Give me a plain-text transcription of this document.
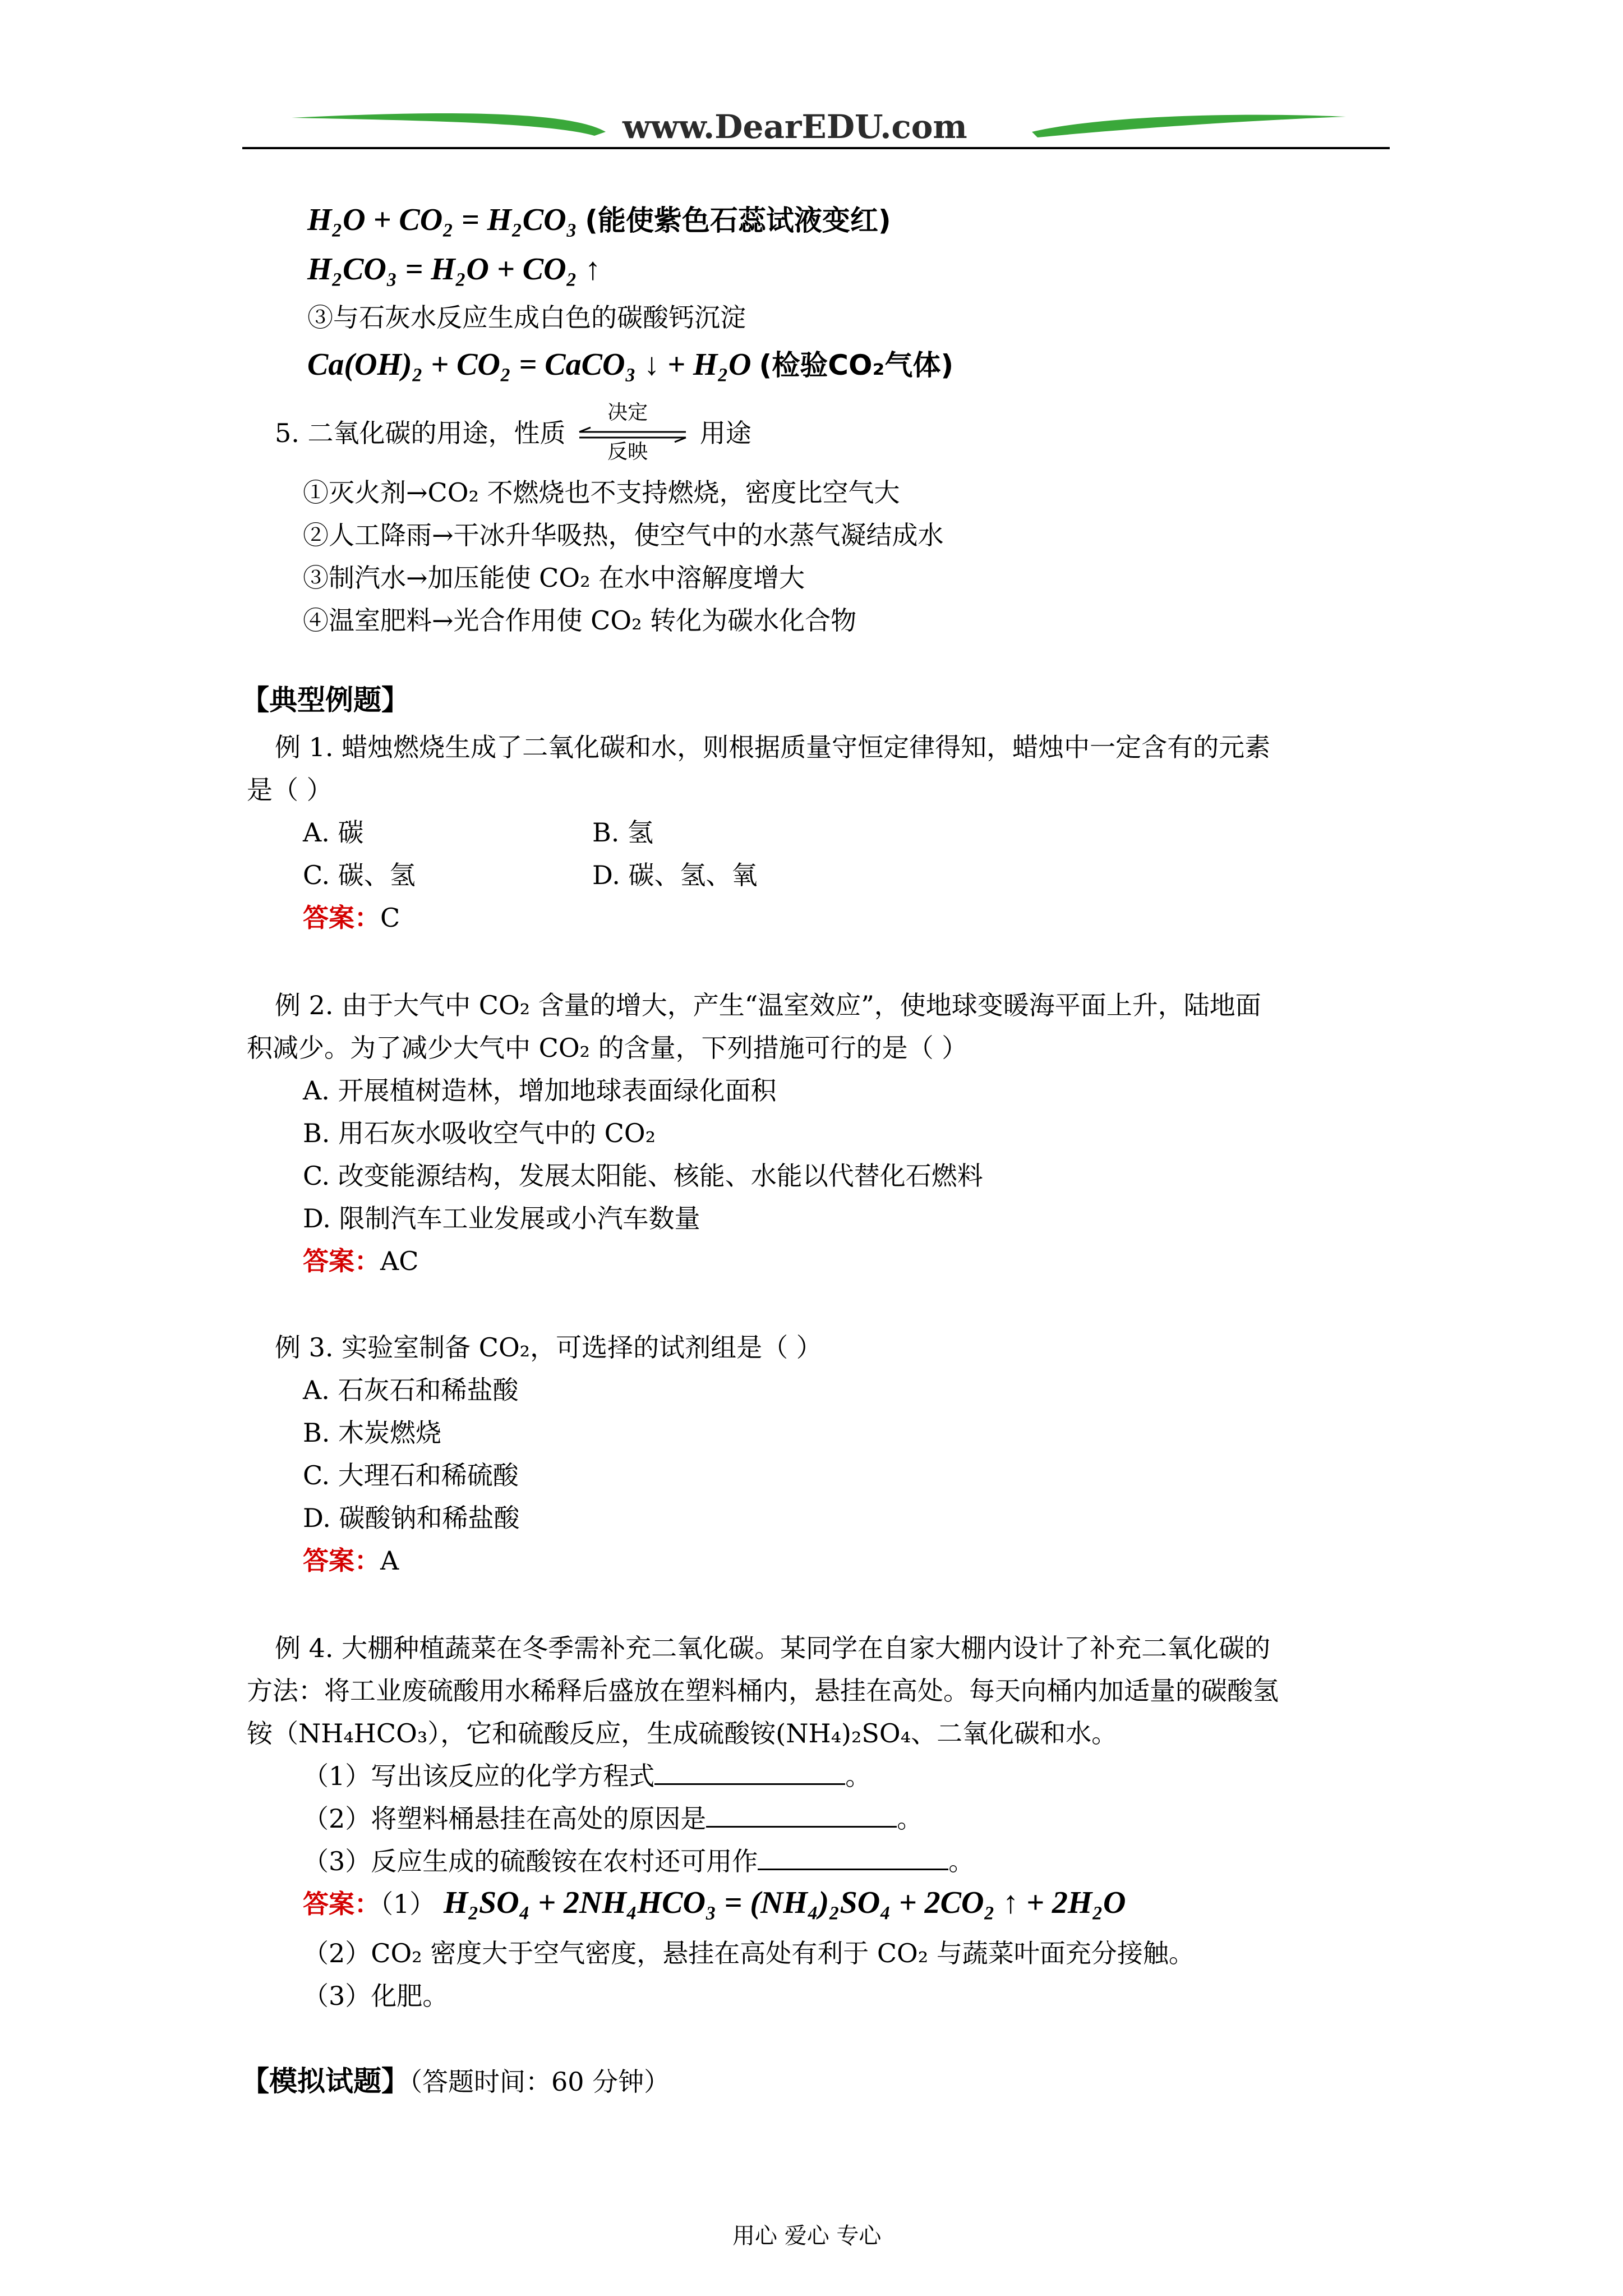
www.DearEDU.com
H₂O + CO₂ = H₂CO₃ (能使紫色石蕊试液变红)
H₂CO₃ = H₂O + CO₂ ↑
③与石灰水反应生成白色的碳酸钙沉淀
Ca(OH)₂ + CO₂ = CaCO₃ ↓ + H₂O (检验CO₂气体)
5. 二氧化碳的用途，性质
决定
反映
用途
①灭火剂→CO₂ 不燃烧也不支持燃烧，密度比空气大
②人工降雨→干冰升华吸热，使空气中的水蒸气凝结成水
③制汽水→加压能使 CO₂ 在水中溶解度增大
④温室肥料→光合作用使 CO₂ 转化为碳水化合物
【典型例题】
例 1. 蜡烛燃烧生成了二氧化碳和水，则根据质量守恒定律得知，蜡烛中一定含有的元素
是（ ）
A. 碳	B. 氢
C. 碳、氢	D. 碳、氢、氧
答案：C
例 2. 由于大气中 CO₂ 含量的增大，产生“温室效应”，使地球变暖海平面上升，陆地面
积减少。为了减少大气中 CO₂ 的含量，下列措施可行的是（ ）
A. 开展植树造林，增加地球表面绿化面积
B. 用石灰水吸收空气中的 CO₂
C. 改变能源结构，发展太阳能、核能、水能以代替化石燃料
D. 限制汽车工业发展或小汽车数量
答案：AC
例 3. 实验室制备 CO₂，可选择的试剂组是（ ）
A. 石灰石和稀盐酸
B. 木炭燃烧
C. 大理石和稀硫酸
D. 碳酸钠和稀盐酸
答案：A
例 4. 大棚种植蔬菜在冬季需补充二氧化碳。某同学在自家大棚内设计了补充二氧化碳的
方法：将工业废硫酸用水稀释后盛放在塑料桶内，悬挂在高处。每天向桶内加适量的碳酸氢
铵（NH₄HCO₃），它和硫酸反应，生成硫酸铵(NH₄)₂SO₄、二氧化碳和水。
（1）写出该反应的化学方程式	。
（2）将塑料桶悬挂在高处的原因是	。
（3）反应生成的硫酸铵在农村还可用作	。
答案：（1） H₂SO₄ + 2NH₄HCO₃ = (NH₄)₂SO₄ + 2CO₂ ↑ + 2H₂O
（2）CO₂ 密度大于空气密度，悬挂在高处有利于 CO₂ 与蔬菜叶面充分接触。
（3）化肥。
【模拟试题】（答题时间：60 分钟）
用心 爱心 专心
